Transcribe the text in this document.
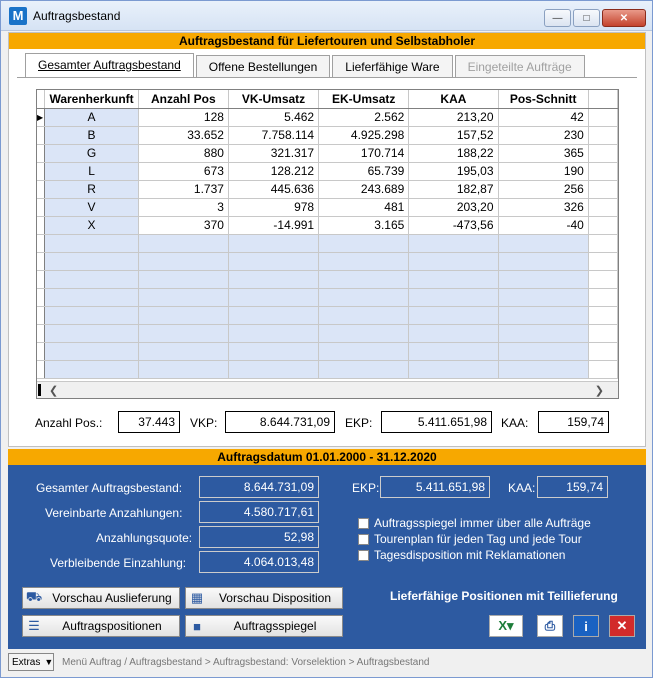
M Auftragsbestand	—	□	✕
Auftragsbestand für Liefertouren und Selbstabholer
Gesamter Auftragsbestand	Offene Bestellungen	Lieferfähige Ware	Eingeteilte Aufträge
	Warenherkunft	Anzahl Pos	VK-Umsatz	EK-Umsatz	KAA	Pos-Schnitt	
▶	A	128	5.462	2.562	213,20	42	
	B	33.652	7.758.114	4.925.298	157,52	230	
	G	880	321.317	170.714	188,22	365	
	L	673	128.212	65.739	195,03	190	
	R	1.737	445.636	243.689	182,87	256	
	V	3	978	481	203,20	326	
	X	370	-14.991	3.165	-473,56	-40	

❮	❯
Anzahl Pos.:	37.443	VKP:	8.644.731,09	EKP:	5.411.651,98	KAA:	159,74
Auftragsdatum 01.01.2000 - 31.12.2020
Gesamter Auftragsbestand:	8.644.731,09
Vereinbarte Anzahlungen:	4.580.717,61
Anzahlungsquote:	52,98
Verbleibende Einzahlung:	4.064.013,48
EKP:	5.411.651,98	KAA:	159,74
Auftragsspiegel immer über alle Aufträge
Tourenplan für jeden Tag und jede Tour
Tagesdisposition mit Reklamationen
⛟ Vorschau Auslieferung	▦	Vorschau Disposition
☰	Auftragspositionen	■	Auftragsspiegel
Lieferfähige Positionen mit Teillieferung
X▾ ⎙ i ✕
Extras ▼ Menü Auftrag / Auftragsbestand > Auftragsbestand: Vorselektion > Auftragsbestand
